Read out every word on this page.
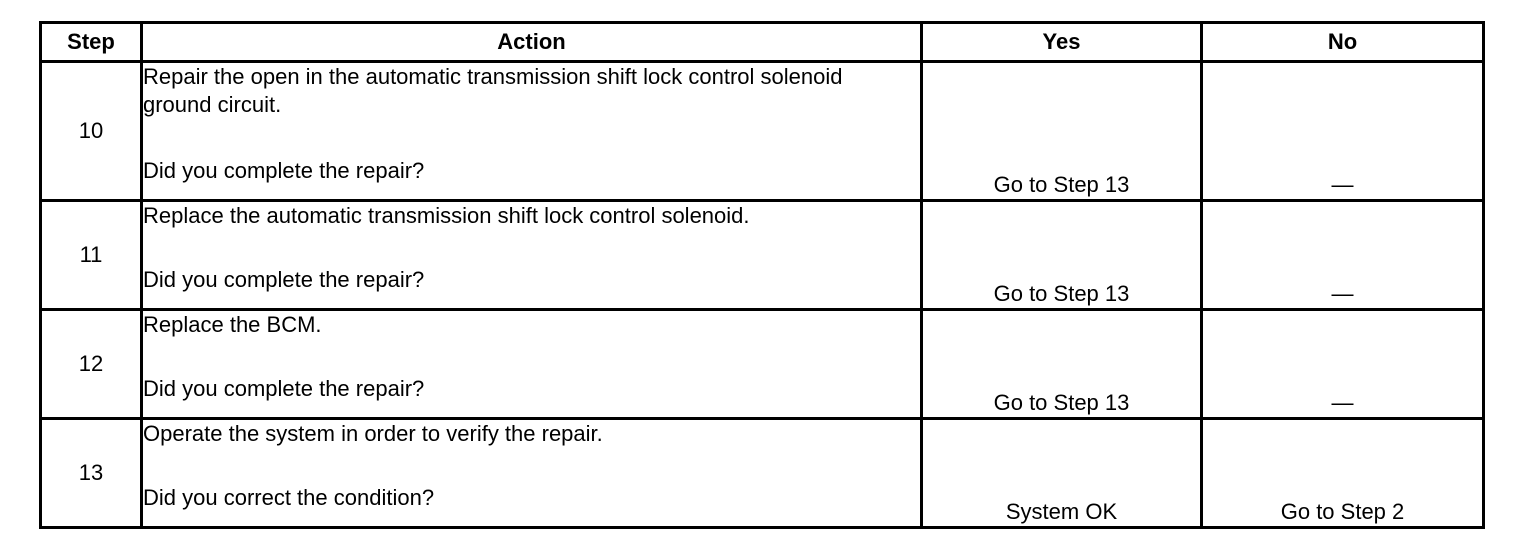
Step	Action	Yes	No
10	Repair the open in the automatic transmission shift lock control solenoid ground circuit.
Did you complete the repair?	Go to Step 13	—
11	Replace the automatic transmission shift lock control solenoid.
Did you complete the repair?	Go to Step 13	—
12	Replace the BCM.
Did you complete the repair?	Go to Step 13	—
13	Operate the system in order to verify the repair.
Did you correct the condition?	System OK	Go to Step 2
